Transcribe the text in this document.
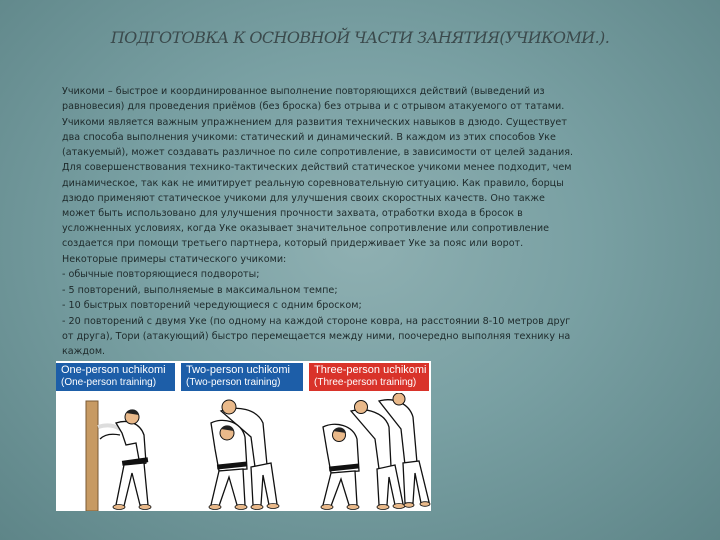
ПОДГОТОВКА К ОСНОВНОЙ ЧАСТИ ЗАНЯТИЯ(УЧИКОМИ.).

Учикоми – быстрое и координированное выполнение повторяющихся действий (выведений из равновесия) для проведения приёмов (без броска) без отрыва и с отрывом атакуемого от татами.

Учикоми является важным упражнением для развития технических навыков в дзюдо. Существует два способа выполнения учикоми: статический и динамический. В каждом из этих способов Уке (атакуемый), может создавать различное по силе сопротивление, в зависимости от целей задания.

Для совершенствования технико-тактических действий статическое учикоми менее подходит, чем динамическое, так как не имитирует реальную соревновательную ситуацию. Как правило, борцы дзюдо применяют статическое учикоми для улучшения своих скоростных качеств. Оно также может быть использовано для улучшения прочности захвата, отработки входа в бросок в усложненных условиях, когда Уке оказывает значительное сопротивление или сопротивление создается при помощи третьего партнера, который придерживает Уке за пояс или ворот.

Некоторые примеры статического учикоми:

- обычные повторяющиеся подвороты;

- 5 повторений, выполняемые в максимальном темпе;

- 10 быстрых повторений чередующиеся с одним броском;

- 20 повторений с двумя Уке (по одному на каждой стороне ковра, на расстоянии 8-10 метров друг от друга), Тори (атакующий) быстро перемещается между ними, поочередно выполняя технику на каждом.

One-person uchikomi
(One-person training)
Two-person uchikomi
(Two-person training)
Three-person uchikomi
(Three-person training)
